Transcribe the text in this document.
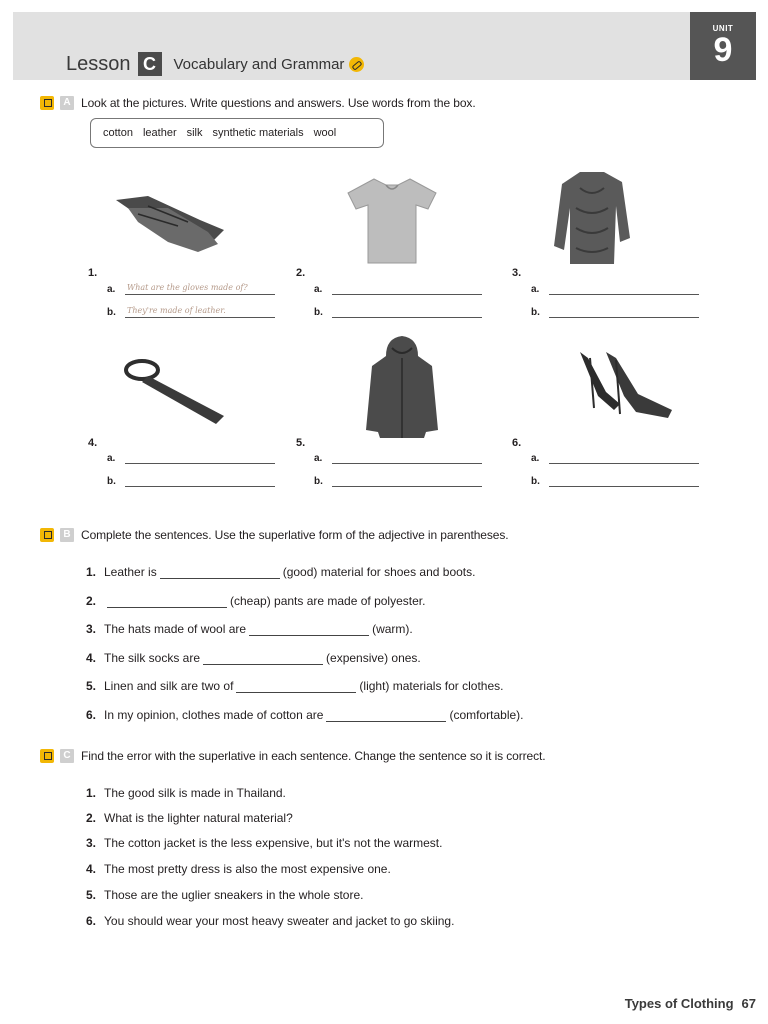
Lesson C	Vocabulary and Grammar
UNIT
9
A Look at the pictures. Write questions and answers. Use words from the box.
cotton leather silk synthetic materials wool
1.
a.	What are the gloves made of?
b.	They're made of leather.
2.
a.
b.
3.
a.
b.
4.
a.
b.
5.
a.
b.
6.
a.
b.
B Complete the sentences. Use the superlative form of the adjective in parentheses.
1. Leather is	(good) material for shoes and boots.
2.	(cheap) pants are made of polyester.
3. The hats made of wool are	(warm).
4. The silk socks are	(expensive) ones.
5. Linen and silk are two of	(light) materials for clothes.
6. In my opinion, clothes made of cotton are	(comfortable).
C Find the error with the superlative in each sentence. Change the sentence so it is correct.
1. The good silk is made in Thailand.
2. What is the lighter natural material?
3. The cotton jacket is the less expensive, but it's not the warmest.
4. The most pretty dress is also the most expensive one.
5. Those are the uglier sneakers in the whole store.
6. You should wear your most heavy sweater and jacket to go skiing.
Types of Clothing 67
